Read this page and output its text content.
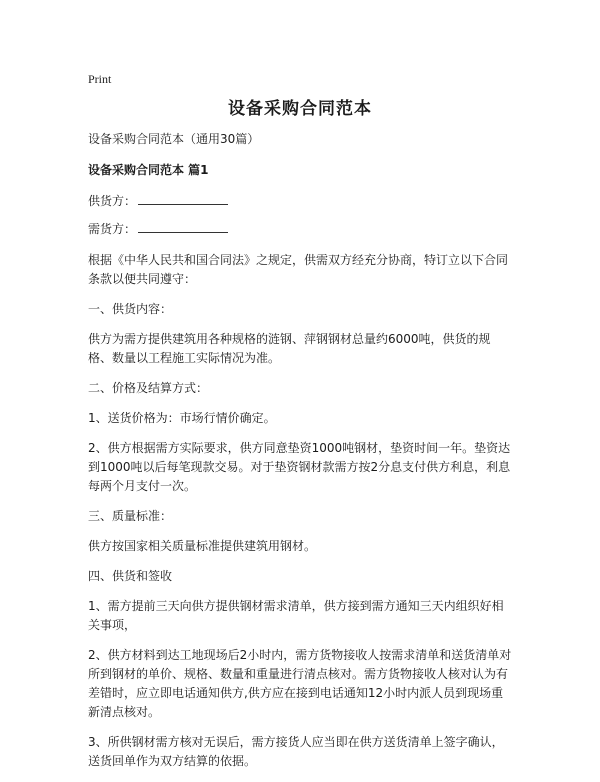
Print
设备采购合同范本
设备采购合同范本（通用30篇）
设备采购合同范本 篇1
供货方：
需货方：
根据《中华人民共和国合同法》之规定，供需双方经充分协商，特订立以下合同条款以便共同遵守：
一、供货内容：
供方为需方提供建筑用各种规格的涟钢、萍钢钢材总量约6000吨，供货的规格、数量以工程施工实际情况为准。
二、价格及结算方式：
1、送货价格为：市场行情价确定。
2、供方根据需方实际要求，供方同意垫资1000吨钢材，垫资时间一年。垫资达到1000吨以后每笔现款交易。对于垫资钢材款需方按2分息支付供方利息，利息每两个月支付一次。
三、质量标准：
供方按国家相关质量标准提供建筑用钢材。
四、供货和签收
1、需方提前三天向供方提供钢材需求清单，供方接到需方通知三天内组织好相关事项，
2、供方材料到达工地现场后2小时内，需方货物接收人按需求清单和送货清单对所到钢材的单价、规格、数量和重量进行清点核对。需方货物接收人核对认为有差错时，应立即电话通知供方,供方应在接到电话通知12小时内派人员到现场重新清点核对。
3、所供钢材需方核对无误后，需方接货人应当即在供方送货清单上签字确认，送货回单作为双方结算的依据。
